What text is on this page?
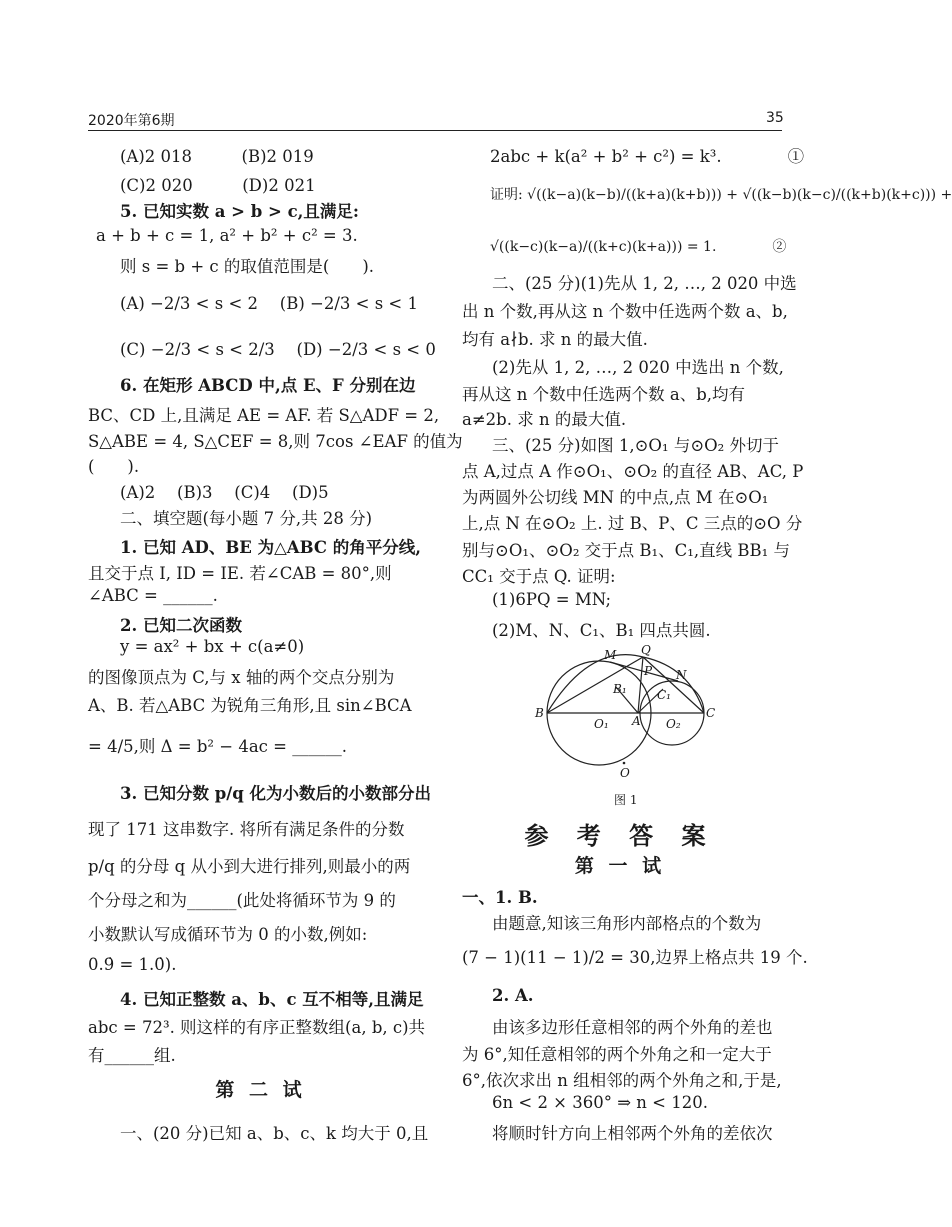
2020年第6期	35
(A)2 018　　　(B)2 019
(C)2 020　　　(D)2 021
5. 已知实数 a > b > c,且满足:
a + b + c = 1, a² + b² + c² = 3.
则 s = b + c 的取值范围是(　　).
(A) −2/3 < s < 2　 (B) −2/3 < s < 1
(C) −2/3 < s < 2/3　 (D) −2/3 < s < 0
6. 在矩形 ABCD 中,点 E、F 分别在边
BC、CD 上,且满足 AE = AF. 若 S△ADF = 2,
S△ABE = 4, S△CEF = 8,则 7cos ∠EAF 的值为
(　　).
(A)2　 (B)3　 (C)4　 (D)5
二、填空题(每小题 7 分,共 28 分)
1. 已知 AD、BE 为△ABC 的角平分线,
且交于点 I, ID = IE. 若∠CAB = 80°,则
∠ABC = ______.
2. 已知二次函数
y = ax² + bx + c(a≠0)
的图像顶点为 C,与 x 轴的两个交点分别为
A、B. 若△ABC 为锐角三角形,且 sin∠BCA
= 4/5,则 Δ = b² − 4ac = ______.
3. 已知分数 p/q 化为小数后的小数部分出
现了 171 这串数字. 将所有满足条件的分数
p/q 的分母 q 从小到大进行排列,则最小的两
个分母之和为______(此处将循环节为 9 的
小数默认写成循环节为 0 的小数,例如:
0.9̇ = 1.0̇).
4. 已知正整数 a、b、c 互不相等,且满足
abc = 72³. 则这样的有序正整数组(a, b, c)共
有______组.
第 二 试
一、(20 分)已知 a、b、c、k 均大于 0,且
2abc + k(a² + b² + c²) = k³.　　　　①
证明: √((k−a)(k−b)/((k+a)(k+b))) + √((k−b)(k−c)/((k+b)(k+c))) +
√((k−c)(k−a)/((k+c)(k+a))) = 1.　　　　②
二、(25 分)(1)先从 1, 2, …, 2 020 中选
出 n 个数,再从这 n 个数中任选两个数 a、b,
均有 a∤b. 求 n 的最大值.
(2)先从 1, 2, …, 2 020 中选出 n 个数,
再从这 n 个数中任选两个数 a、b,均有
a≠2b. 求 n 的最大值.
三、(25 分)如图 1,⊙O₁ 与⊙O₂ 外切于
点 A,过点 A 作⊙O₁、⊙O₂ 的直径 AB、AC, P
为两圆外公切线 MN 的中点,点 M 在⊙O₁
上,点 N 在⊙O₂ 上. 过 B、P、C 三点的⊙O 分
别与⊙O₁、⊙O₂ 交于点 B₁、C₁,直线 BB₁ 与
CC₁ 交于点 Q. 证明:
(1)6PQ = MN;
(2)M、N、C₁、B₁ 四点共圆.
M Q
P N
B₁	C₁
B
O₁ A O₂
C
O
图 1
参 考 答 案
第 一 试
一、1. B.
由题意,知该三角形内部格点的个数为
(7 − 1)(11 − 1)/2 = 30,边界上格点共 19 个.
2. A.
由该多边形任意相邻的两个外角的差也
为 6°,知任意相邻的两个外角之和一定大于
6°,依次求出 n 组相邻的两个外角之和,于是,
6n < 2 × 360° ⇒ n < 120.
将顺时针方向上相邻两个外角的差依次
